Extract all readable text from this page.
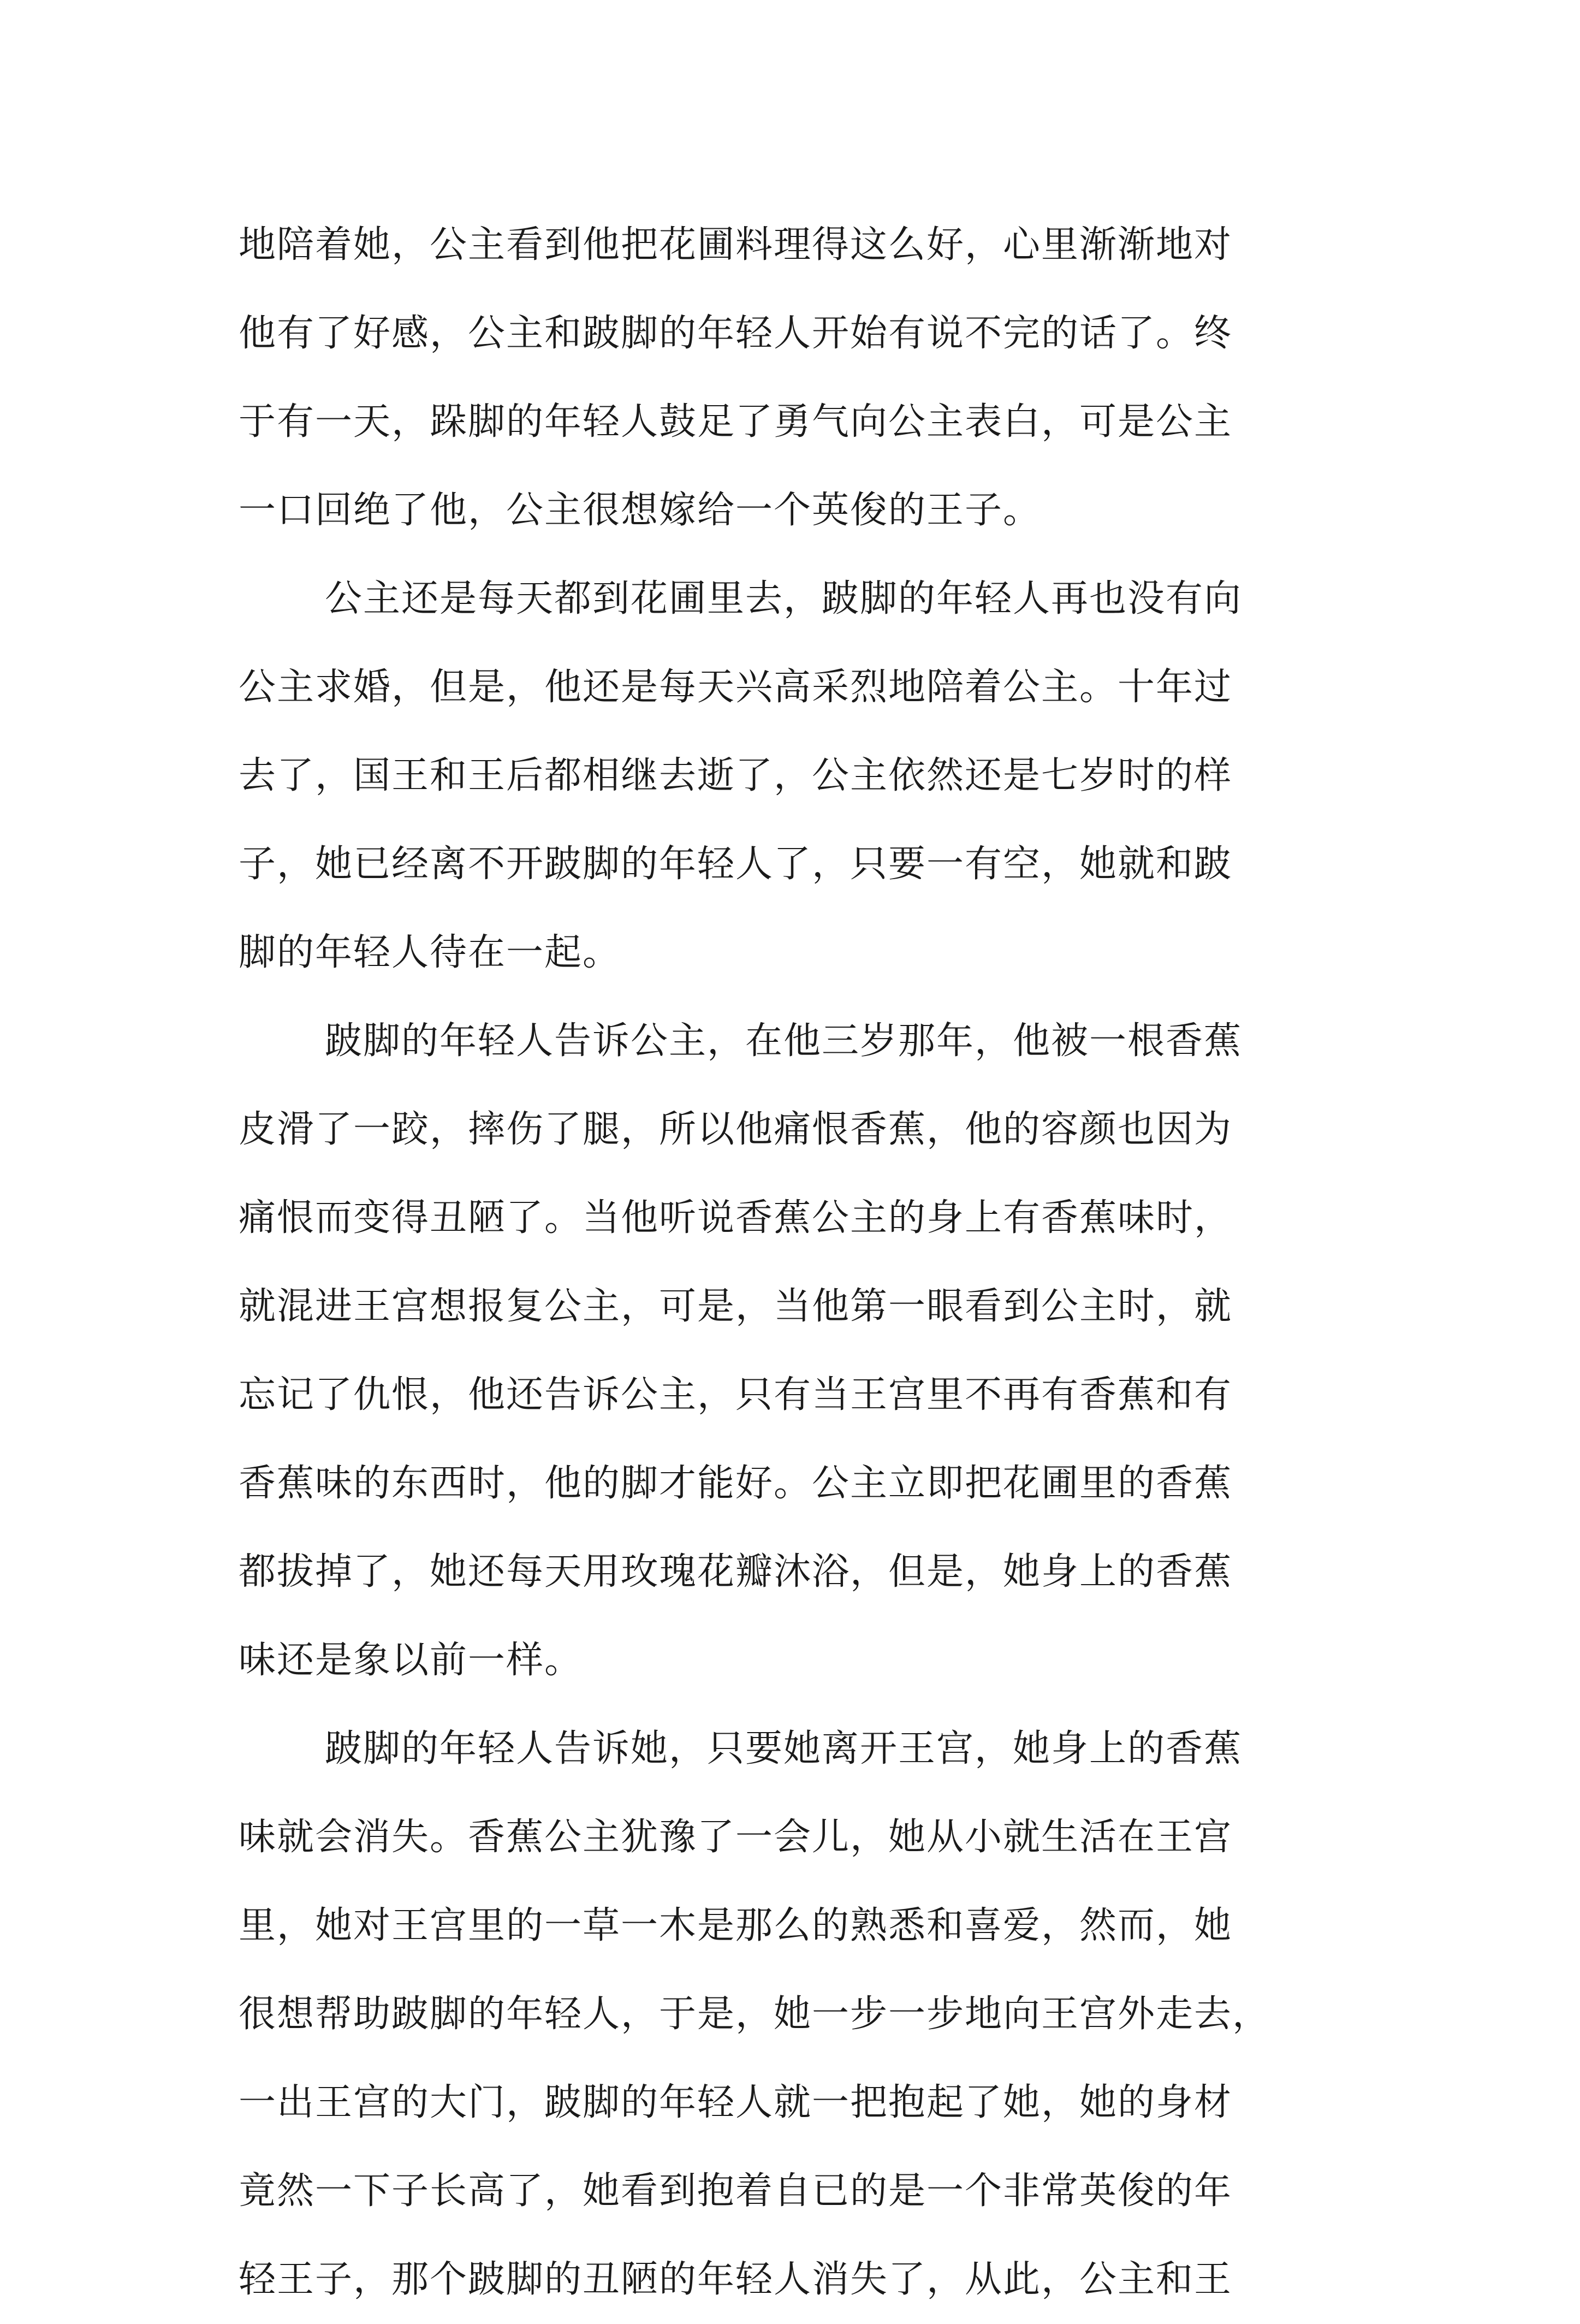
地陪着她，公主看到他把花圃料理得这么好，心里渐渐地对
他有了好感，公主和跛脚的年轻人开始有说不完的话了。终
于有一天，跺脚的年轻人鼓足了勇气向公主表白，可是公主
一口回绝了他，公主很想嫁给一个英俊的王子。
公主还是每天都到花圃里去，跛脚的年轻人再也没有向
公主求婚，但是，他还是每天兴高采烈地陪着公主。十年过
去了，国王和王后都相继去逝了，公主依然还是七岁时的样
子，她已经离不开跛脚的年轻人了，只要一有空，她就和跛
脚的年轻人待在一起。
跛脚的年轻人告诉公主，在他三岁那年，他被一根香蕉
皮滑了一跤，摔伤了腿，所以他痛恨香蕉，他的容颜也因为
痛恨而变得丑陋了。当他听说香蕉公主的身上有香蕉味时，
就混进王宫想报复公主，可是，当他第一眼看到公主时，就
忘记了仇恨，他还告诉公主，只有当王宫里不再有香蕉和有
香蕉味的东西时，他的脚才能好。公主立即把花圃里的香蕉
都拔掉了，她还每天用玫瑰花瓣沐浴，但是，她身上的香蕉
味还是象以前一样。
跛脚的年轻人告诉她，只要她离开王宫，她身上的香蕉
味就会消失。香蕉公主犹豫了一会儿，她从小就生活在王宫
里，她对王宫里的一草一木是那么的熟悉和喜爱，然而，她
很想帮助跛脚的年轻人，于是，她一步一步地向王宫外走去，
一出王宫的大门，跛脚的年轻人就一把抱起了她，她的身材
竟然一下子长高了，她看到抱着自已的是一个非常英俊的年
轻王子，那个跛脚的丑陋的年轻人消失了，从此，公主和王
